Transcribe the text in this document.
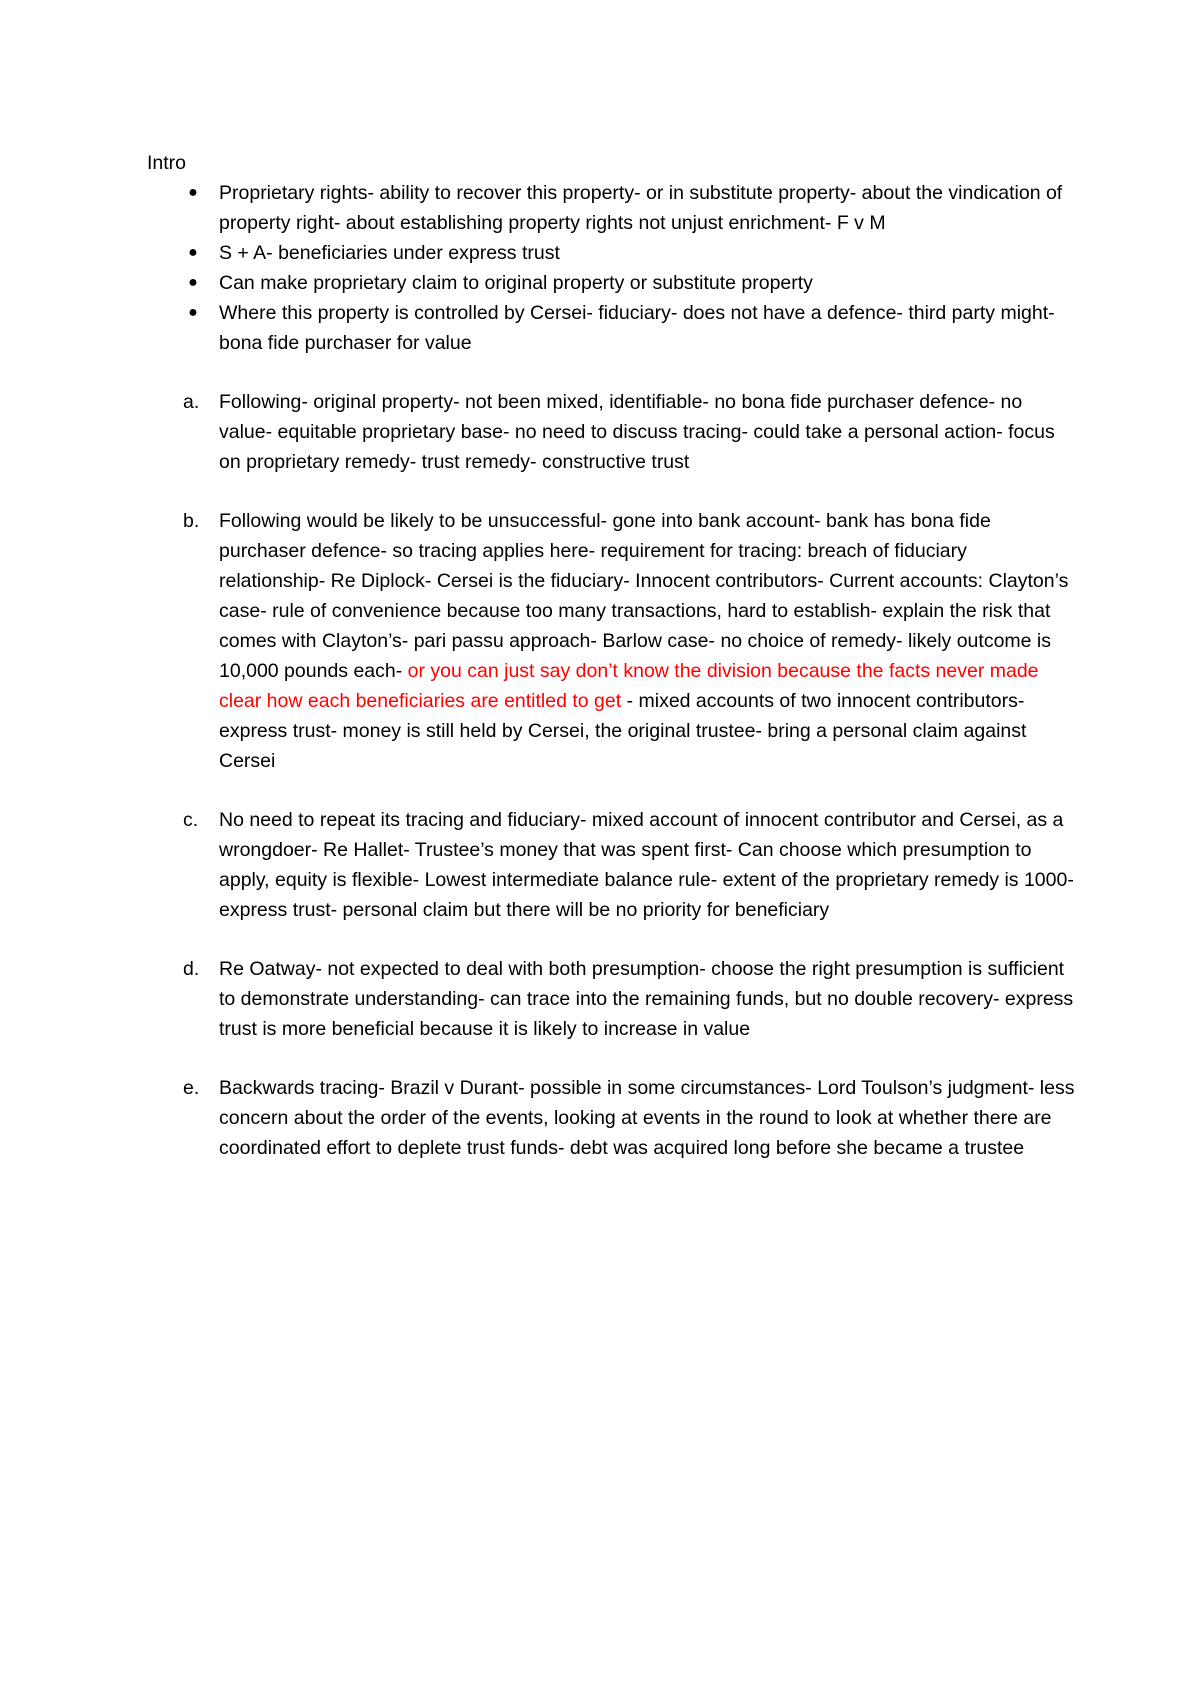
Intro

● Proprietary rights- ability to recover this property- or in substitute property- about the vindication of property right- about establishing property rights not unjust enrichment- F v M
● S + A- beneficiaries under express trust
● Can make proprietary claim to original property or substitute property
● Where this property is controlled by Cersei- fiduciary- does not have a defence- third party might- bona fide purchaser for value
a. Following- original property- not been mixed, identifiable- no bona fide purchaser defence- no value- equitable proprietary base- no need to discuss tracing- could take a personal action- focus on proprietary remedy- trust remedy- constructive trust
b. Following would be likely to be unsuccessful- gone into bank account- bank has bona fide purchaser defence- so tracing applies here- requirement for tracing: breach of fiduciary relationship- Re Diplock- Cersei is the fiduciary- Innocent contributors- Current accounts: Clayton’s case- rule of convenience because too many transactions, hard to establish- explain the risk that comes with Clayton’s- pari passu approach- Barlow case- no choice of remedy- likely outcome is 10,000 pounds each- or you can just say don’t know the division because the facts never made clear how each beneficiaries are entitled to get - mixed accounts of two innocent contributors- express trust- money is still held by Cersei, the original trustee- bring a personal claim against Cersei
c. No need to repeat its tracing and fiduciary- mixed account of innocent contributor and Cersei, as a wrongdoer- Re Hallet- Trustee’s money that was spent first- Can choose which presumption to apply, equity is flexible- Lowest intermediate balance rule- extent of the proprietary remedy is 1000- express trust- personal claim but there will be no priority for beneficiary
d. Re Oatway- not expected to deal with both presumption- choose the right presumption is sufficient to demonstrate understanding- can trace into the remaining funds, but no double recovery- express trust is more beneficial because it is likely to increase in value
e. Backwards tracing- Brazil v Durant- possible in some circumstances- Lord Toulson’s judgment- less concern about the order of the events, looking at events in the round to look at whether there are coordinated effort to deplete trust funds- debt was acquired long before she became a trustee
